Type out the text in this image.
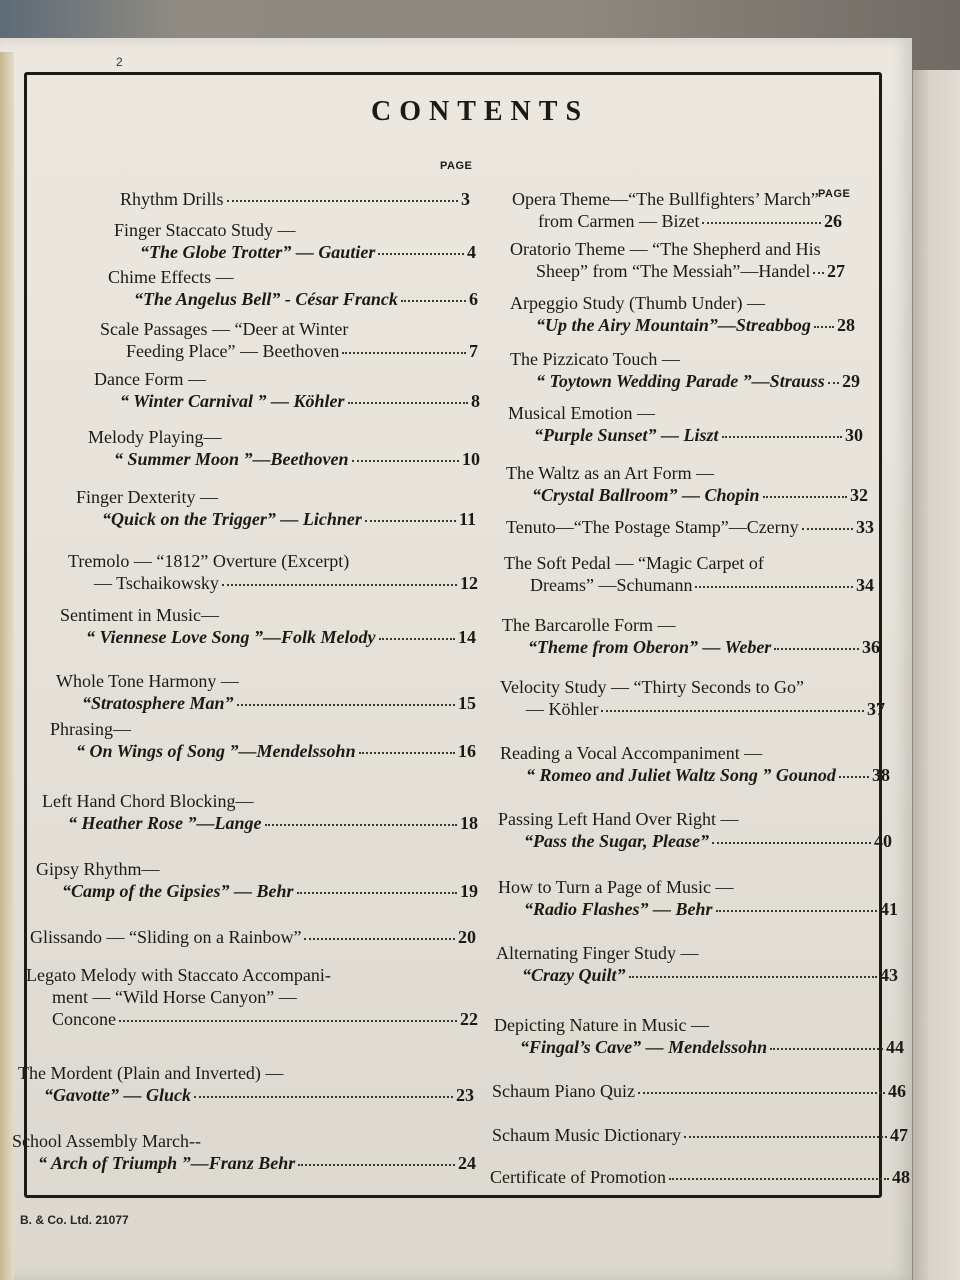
2
CONTENTS
PAGE
PAGE
Rhythm Drills	3
Finger Staccato Study —
“The Globe Trotter” — Gautier	4
Chime Effects —
“The Angelus Bell” - César Franck	6
Scale Passages — “Deer at Winter
Feeding Place” — Beethoven	7
Dance Form —
“ Winter Carnival ” — Köhler	8
Melody Playing—
“ Summer Moon ”—Beethoven	10
Finger Dexterity —
“Quick on the Trigger” — Lichner	11
Tremolo — “1812” Overture (Excerpt)
— Tschaikowsky	12
Sentiment in Music—
“ Viennese Love Song ”—Folk Melody	14
Whole Tone Harmony —
“Stratosphere Man”	15
Phrasing—
“ On Wings of Song ”—Mendelssohn	16
Left Hand Chord Blocking—
“ Heather Rose ”—Lange	18
Gipsy Rhythm—
“Camp of the Gipsies” — Behr	19
Glissando — “Sliding on a Rainbow”	20
Legato Melody with Staccato Accompani-
ment — “Wild Horse Canyon” —
Concone	22
The Mordent (Plain and Inverted) —
“Gavotte” — Gluck	23
School Assembly March--
“ Arch of Triumph ”—Franz Behr	24
Opera Theme—“The Bullfighters’ March”
from Carmen — Bizet	26
Oratorio Theme — “The Shepherd and His
Sheep” from “The Messiah”—Handel 27
Arpeggio Study (Thumb Under) —
“Up the Airy Mountain”—Streabbog 28
The Pizzicato Touch —
“ Toytown Wedding Parade ”—Strauss 29
Musical Emotion —
“Purple Sunset” — Liszt	30
The Waltz as an Art Form —
“Crystal Ballroom” — Chopin	32
Tenuto—“The Postage Stamp”—Czerny	33
The Soft Pedal — “Magic Carpet of
Dreams” —Schumann	34
The Barcarolle Form —
“Theme from Oberon” — Weber	36
Velocity Study — “Thirty Seconds to Go”
— Köhler	37
Reading a Vocal Accompaniment —
“ Romeo and Juliet Waltz Song ” Gounod 38
Passing Left Hand Over Right —
“Pass the Sugar, Please”	40
How to Turn a Page of Music —
“Radio Flashes” — Behr	41
Alternating Finger Study —
“Crazy Quilt”	43
Depicting Nature in Music —
“Fingal’s Cave” — Mendelssohn	44
Schaum Piano Quiz	46
Schaum Music Dictionary	47
Certificate of Promotion	48
B. & Co. Ltd. 21077
